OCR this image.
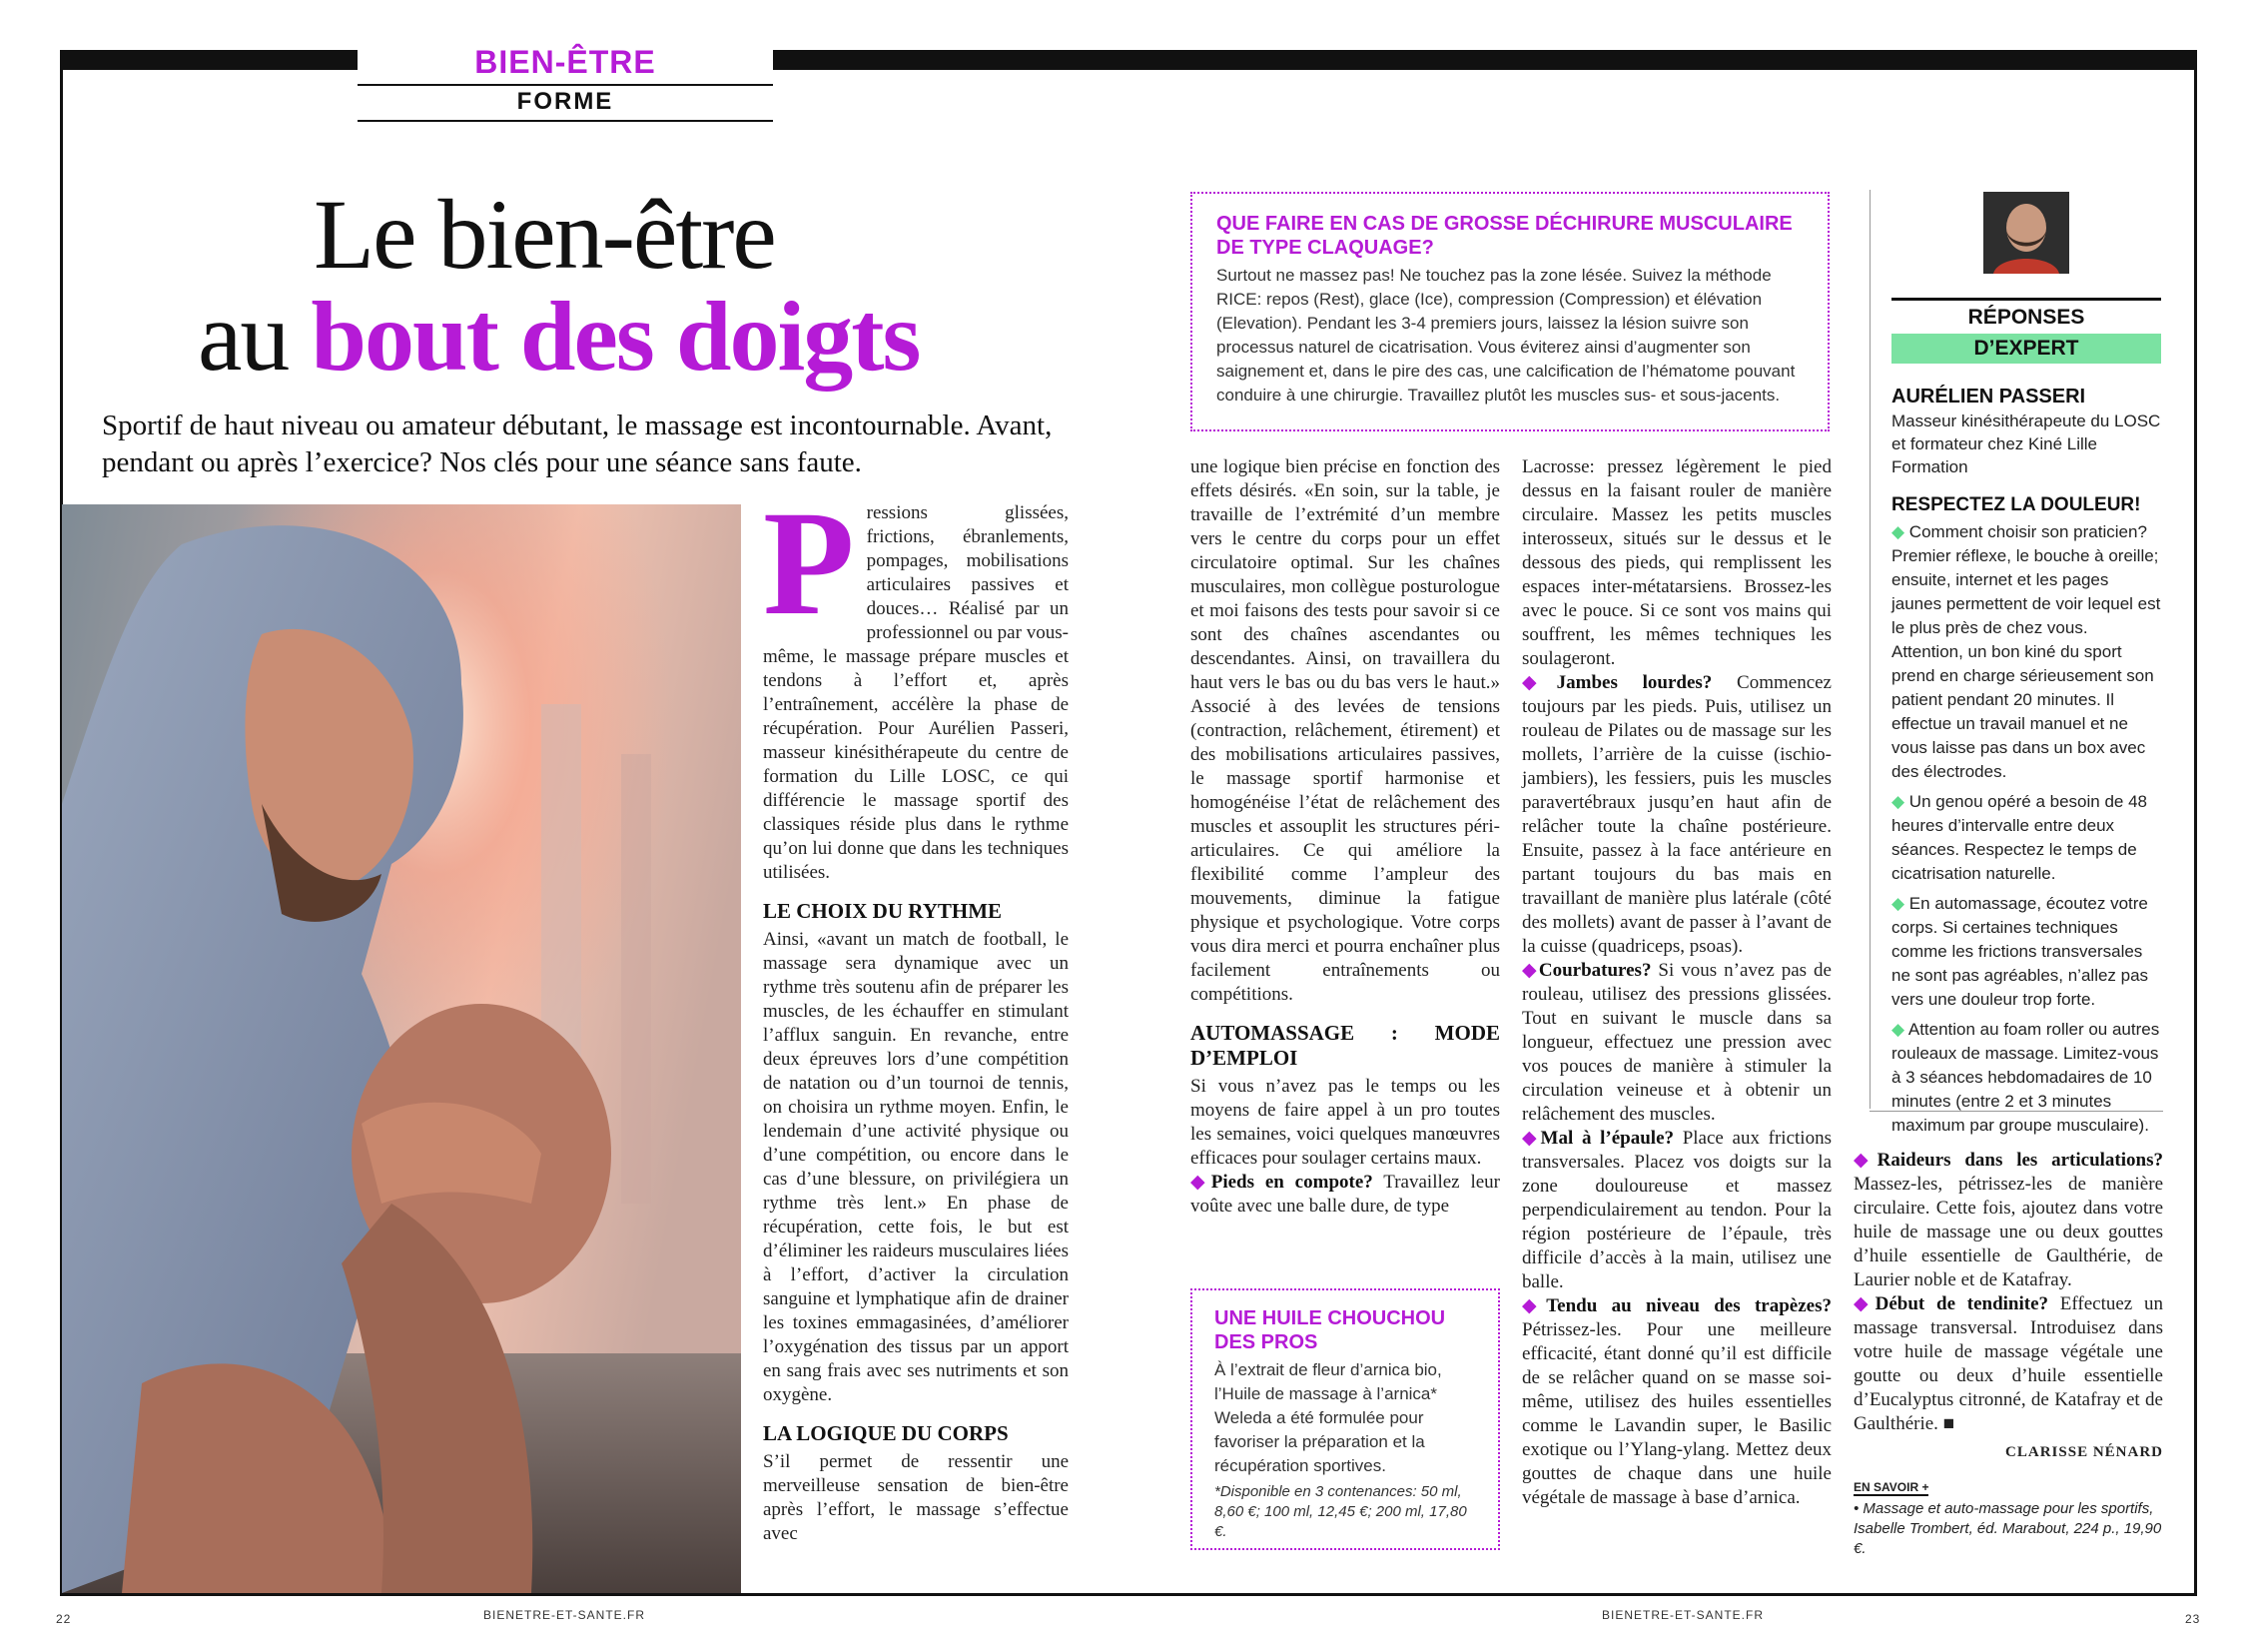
BIEN-ÊTRE
FORME
Le bien-être
au bout des doigts
Sportif de haut niveau ou amateur débutant, le massage est incontournable. Avant, pendant ou après l’exercice? Nos clés pour une séance sans faute.

Pressions glissées, frictions, ébranlements, pompages, mobilisations articulaires passives et douces… Réalisé par un professionnel ou par vous-même, le massage prépare muscles et tendons à l’effort et, après l’entraînement, accélère la phase de récupération. Pour Aurélien Passeri, masseur kinésithérapeute du centre de formation du Lille LOSC, ce qui différencie le massage sportif des classiques réside plus dans le rythme qu’on lui donne que dans les techniques utilisées.

LE CHOIX DU RYTHME

Ainsi, «avant un match de football, le massage sera dynamique avec un rythme très soutenu afin de préparer les muscles, de les échauffer en stimulant l’afflux sanguin. En revanche, entre deux épreuves lors d’une compétition de natation ou d’un tournoi de tennis, on choisira un rythme moyen. Enfin, le lendemain d’une activité physique ou d’une compétition, ou encore dans le cas d’une blessure, on privilégiera un rythme très lent.» En phase de récupération, cette fois, le but est d’éliminer les raideurs musculaires liées à l’effort, d’activer la circulation sanguine et lymphatique afin de drainer les toxines emmagasinées, d’améliorer l’oxygénation des tissus par un apport en sang frais avec ses nutriments et son oxygène.

LA LOGIQUE DU CORPS

S’il permet de ressentir une merveilleuse sensation de bien-être après l’effort, le massage s’effectue avec

QUE FAIRE EN CAS DE GROSSE DÉCHIRURE MUSCULAIRE DE TYPE CLAQUAGE?

Surtout ne massez pas! Ne touchez pas la zone lésée. Suivez la méthode RICE: repos (Rest), glace (Ice), compression (Compression) et élévation (Elevation). Pendant les 3-4 premiers jours, laissez la lésion suivre son processus naturel de cicatrisation. Vous éviterez ainsi d’augmenter son saignement et, dans le pire des cas, une calcification de l’hématome pouvant conduire à une chirurgie. Travaillez plutôt les muscles sus- et sous-jacents.

une logique bien précise en fonction des effets désirés. «En soin, sur la table, je travaille de l’extrémité d’un membre vers le centre du corps pour un effet circulatoire optimal. Sur les chaînes musculaires, mon collègue posturologue et moi faisons des tests pour savoir si ce sont des chaînes ascendantes ou descendantes. Ainsi, on travaillera du haut vers le bas ou du bas vers le haut.» Associé à des levées de tensions (contraction, relâchement, étirement) et des mobilisations articulaires passives, le massage sportif harmonise et homogénéise l’état de relâchement des muscles et assouplit les structures péri-articulaires. Ce qui améliore la flexibilité comme l’ampleur des mouvements, diminue la fatigue physique et psychologique. Votre corps vous dira merci et pourra enchaîner plus facilement entraînements ou compétitions.

AUTOMASSAGE : MODE D’EMPLOI

Si vous n’avez pas le temps ou les moyens de faire appel à un pro toutes les semaines, voici quelques manœuvres efficaces pour soulager certains maux.

◆Pieds en compote? Travaillez leur voûte avec une balle dure, de type

UNE HUILE CHOUCHOU DES PROS

À l’extrait de fleur d’arnica bio, l’Huile de massage à l’arnica* Weleda a été formulée pour favoriser la préparation et la récupération sportives.

*Disponible en 3 contenances: 50 ml, 8,60 €; 100 ml, 12,45 €; 200 ml, 17,80 €.

Lacrosse: pressez légèrement le pied dessus en la faisant rouler de manière circulaire. Massez les petits muscles interosseux, situés sur le dessus et le dessous des pieds, qui remplissent les espaces inter-métatarsiens. Brossez-les avec le pouce. Si ce sont vos mains qui souffrent, les mêmes techniques les soulageront.

◆Jambes lourdes? Commencez toujours par les pieds. Puis, utilisez un rouleau de Pilates ou de massage sur les mollets, l’arrière de la cuisse (ischio-jambiers), les fessiers, puis les muscles paravertébraux jusqu’en haut afin de relâcher toute la chaîne postérieure. Ensuite, passez à la face antérieure en partant toujours du bas mais en travaillant de manière plus latérale (côté des mollets) avant de passer à l’avant de la cuisse (quadriceps, psoas).

◆Courbatures? Si vous n’avez pas de rouleau, utilisez des pressions glissées. Tout en suivant le muscle dans sa longueur, effectuez une pression avec vos pouces de manière à stimuler la circulation veineuse et à obtenir un relâchement des muscles.

◆Mal à l’épaule? Place aux frictions transversales. Placez vos doigts sur la zone douloureuse et massez perpendiculairement au tendon. Pour la région postérieure de l’épaule, très difficile d’accès à la main, utilisez une balle.

◆Tendu au niveau des trapèzes? Pétrissez-les. Pour une meilleure efficacité, étant donné qu’il est difficile de se relâcher quand on se masse soi-même, utilisez des huiles essentielles comme le Lavandin super, le Basilic exotique ou l’Ylang-ylang. Mettez deux gouttes de chaque dans une huile végétale de massage à base d’arnica.

RÉPONSES
D’EXPERT
AURÉLIEN PASSERI
Masseur kinésithérapeute du LOSC et formateur chez Kiné Lille Formation
RESPECTEZ LA DOULEUR!

◆ Comment choisir son praticien? Premier réflexe, le bouche à oreille; ensuite, internet et les pages jaunes permettent de voir lequel est le plus près de chez vous. Attention, un bon kiné du sport prend en charge sérieusement son patient pendant 20 minutes. Il effectue un travail manuel et ne vous laisse pas dans un box avec des électrodes.

◆ Un genou opéré a besoin de 48 heures d’intervalle entre deux séances. Respectez le temps de cicatrisation naturelle.

◆ En automassage, écoutez votre corps. Si certaines techniques comme les frictions transversales ne sont pas agréables, n’allez pas vers une douleur trop forte.

◆ Attention au foam roller ou autres rouleaux de massage. Limitez-vous à 3 séances hebdomadaires de 10 minutes (entre 2 et 3 minutes maximum par groupe musculaire).

◆Raideurs dans les articulations? Massez-les, pétrissez-les de manière circulaire. Cette fois, ajoutez dans votre huile de massage une ou deux gouttes d’huile essentielle de Gaulthérie, de Laurier noble et de Katafray.

◆Début de tendinite? Effectuez un massage transversal. Introduisez dans votre huile de massage végétale une goutte ou deux d’huile essentielle d’Eucalyptus citronné, de Katafray et de Gaulthérie. ■

CLARISSE NÉNARD

EN SAVOIR +

• Massage et auto-massage pour les sportifs, Isabelle Trombert, éd. Marabout, 224 p., 19,90 €.

22	BIENETRE-ET-SANTE.FR	BIENETRE-ET-SANTE.FR	23
